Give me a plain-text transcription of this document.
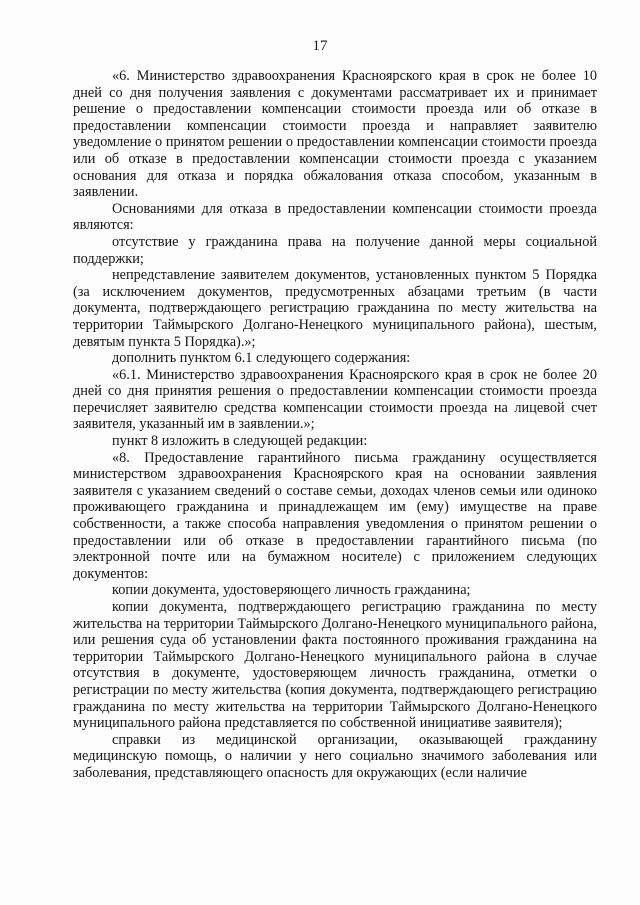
17

«6. Министерство здравоохранения Красноярского края в срок не более 10 дней со дня получения заявления с документами рассматривает их и принимает решение о предоставлении компенсации стоимости проезда или об отказе в предоставлении компенсации стоимости проезда и направляет заявителю уведомление о принятом решении о предоставлении компенсации стоимости проезда или об отказе в предоставлении компенсации стоимости проезда с указанием основания для отказа и порядка обжалования отказа способом, указанным в заявлении.

Основаниями для отказа в предоставлении компенсации стоимости проезда являются:

отсутствие у гражданина права на получение данной меры социальной поддержки;

непредставление заявителем документов, установленных пунктом 5 Порядка (за исключением документов, предусмотренных абзацами третьим (в части документа, подтверждающего регистрацию гражданина по месту жительства на территории Таймырского Долгано-Ненецкого муниципального района), шестым, девятым пункта 5 Порядка).»;

дополнить пунктом 6.1 следующего содержания:

«6.1. Министерство здравоохранения Красноярского края в срок не более 20 дней со дня принятия решения о предоставлении компенсации стоимости проезда перечисляет заявителю средства компенсации стоимости проезда на лицевой счет заявителя, указанный им в заявлении.»;

пункт 8 изложить в следующей редакции:

«8. Предоставление гарантийного письма гражданину осуществляется министерством здравоохранения Красноярского края на основании заявления заявителя с указанием сведений о составе семьи, доходах членов семьи или одиноко проживающего гражданина и принадлежащем им (ему) имуществе на праве собственности, а также способа направления уведомления о принятом решении о предоставлении или об отказе в предоставлении гарантийного письма (по электронной почте или на бумажном носителе) с приложением следующих документов:

копии документа, удостоверяющего личность гражданина;

копии документа, подтверждающего регистрацию гражданина по месту жительства на территории Таймырского Долгано-Ненецкого муниципального района, или решения суда об установлении факта постоянного проживания гражданина на территории Таймырского Долгано-Ненецкого муниципального района в случае отсутствия в документе, удостоверяющем личность гражданина, отметки о регистрации по месту жительства (копия документа, подтверждающего регистрацию гражданина по месту жительства на территории Таймырского Долгано-Ненецкого муниципального района представляется по собственной инициативе заявителя);

справки из медицинской организации, оказывающей гражданину медицинскую помощь, о наличии у него социально значимого заболевания или заболевания, представляющего опасность для окружающих (если наличие
